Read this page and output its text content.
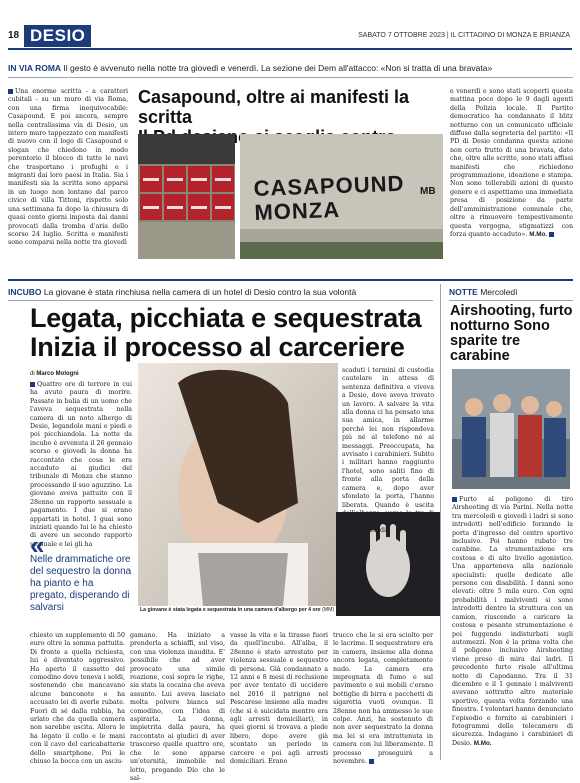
18 DESIO	SABATO 7 OTTOBRE 2023 | IL CITTADINO DI MONZA E BRIANZA
IN VIA ROMA Il gesto è avvenuto nella notte tra giovedì e venerdì. La sezione dei Dem all'attacco: «Non si tratta di una bravata»
Una enorme scritta - a caratteri cubitali - su un muro di via Roma, con una firma inequivocabile: Casapound. E poi ancora, sempre nella centralissima via di Desio, un intero muro tappezzato con manifesti di nuovo con il logo di Casapound e slogan che chiedono in modo perentorio il blocco di tutte le navi che trasportano i profughi e i migranti dai loro paesi in Italia. Sia i manifesti sia la scritta sono apparsi in un luogo non lontano dal parco civico di villa Tittoni, rispetto solo una settimana fa dopo la chiusura di quasi cento giorni imposta dai danni provocati dalla tromba d'aria dello scorso 24 luglio. Scritta e manifesti sono comparsi nella notte tra giovedì
Casapound, oltre ai manifesti la scritta
CASAPOUND MONZA
MB
e venerdì e sono stati scoperti questa mattina poco dopo le 9 dagli agenti della Polizia locale. Il Partito democratico ha condannato il blitz notturno con un comunicato ufficiale diffuso dalla segreteria del partito: «Il PD di Desio condanna questa azione non certo frutto di una bravata, dato che, oltre alle scritte, sono stati affissi manifesti che richiedono programmazione, ideazione e stampa. Non sono tollerabili azioni di questo genere e ci aspettiamo una immediata presa di posizione da parte dell'amministrazione comunale che, oltre a rimuovere tempestivamente questa vergogna, stigmatizzi con forza quanto accaduto». M.Mo.
INCUBO La giovane è stata rinchiusa nella camera di un hotel di Desio contro la sua volontà
Legata, picchiata e sequestrata
Inizia il processo al carceriere
di Marco Mologni
Quattro ore di terrore in cui ha avuto paura di morire. Passate in balia di un uomo che l'aveva sequestrata nella camera di un noto albergo di Desio, legandole mani e piedi e poi picchiandola. La notte da incubo è avvenuta il 26 gennaio scorso e giovedì la donna ha raccontato che cosa le era accaduto ai giudici del tribunale di Monza che stanno processando il suo aguzzino. La giovane aveva pattuito con il 28enne un rapporto sessuale a pagamento. I due si erano appartati in hotel. I guai sono iniziati quando lui le ha chiesto di avere un secondo rapporto sessuale e lei gli ha
«
Nelle drammatiche ore del sequestro la donna ha pianto e ha pregato, disperando di salvarsi	La giovane è stata legata e sequestrata in una camera d'albergo per 4 ore (MM)
scaduti i termini di custodia cautelare in attesa di sentenza definitiva e viveva a Desio, dove aveva trovato un lavoro. A salvare la vita alla donna ci ha pensato una sua amica, in allarme perché lei non rispondeva più né al telefono né ai messaggi. Preoccupata, ha avvisato i carabinieri. Subito i militari hanno raggiunto l'hotel, sono saliti fino di fronte alla porta della camera e, dopo aver sfondato la porta, l'hanno liberata. Quando è uscita dall'albergo, verso le tre di notte, piangeva e aveva il viso sporco di
chiesto un supplemento di 50 euro oltre la somma pattuita. Di fronte a quella richiesta, lui è diventato aggressivo. Ha aperto il cassetto del comodino dove teneva i soldi, sostenendo che mancavano alcune banconote e ha accusato lei di averle rubate. Fuori di sé dalla rabbia, ha urlato che da quella camera non sarebbe uscita. Allora le ha legato il collo e le mani con il cavo del caricabatterie dello smartphone. Poi le chiuso la bocca con un asciu-
gamano. Ha iniziato a prenderla a schiaffi, sul viso, con una violenza inaudita. E' possibile che ad aver provocato una simile reazione, così sopra le righe, sia stata la cocaina che aveva assunto. Lui aveva lasciato molta polvere bianca sul comodino, con l'idea di aspirarla. La donna, impietrita dalla paura, ha raccontato ai giudici di aver trascorso quelle quattro ore, che le sono apparse un'eternità, immobile nel letto, pregando Dio che le sal-
vasse la vita e la tirasse fuori da quell'incubo. All'alba, il 28enne è stato arrestato per violenza sessuale e sequestro di persona. Già condannato a 12 anni e 8 mesi di reclusione per aver tentato di uccidere nel 2016 il patrigno nel Pescarese insieme alla madre (che si è suicidata mentre era agli arresti domiciliari), in quei giorni si trovava a piede libero, dopo avere già scontato un periodo in carcere e poi agli arresti domiciliari. Erano
trucco che le si era sciolto per le lacrime. Il sequestratore era in camera, insieme alla donna ancora legata, completamente nudo. La camera era impregnata di fumo e sul pavimento e sui mobili c'erano bottiglie di birra e pacchetti di sigaretta vuoti ovunque. Il 28enne non ha ammesso le sue colpe. Anzi, ha sostenuto di non aver sequestrato la donna ma lei si era intrattenuta in camera con lui liberamente. Il processo proseguirà a novembre.
NOTTE Mercoledì
Airshooting, furto notturno Sono sparite tre carabine
Furto al poligono di tiro Airshooting di via Parini. Nella notte tra mercoledì e giovedì i ladri si sono introdotti nell'edificio forzando la porta d'ingresso del centro sportivo inclusivo. Poi hanno rubato tre carabine. La strumentazione era costosa e di alto livello agonistico. Una apparteneva alla nazionale specialisti: quelle dedicate alle persone con disabilità. I danni sono elevati: oltre 5 mila euro. Con ogni probabilità i malviventi si sono introdotti dentro la struttura con un camion, riuscendo a caricare la costosa e pesante strumentazione e poi fuggendo indisturbati sugli automezzi. Non è la prima volta che il poligono inclusivo Airshooting viene preso di mira dai ladri. Il precedente furto risale all'ultima notte di Capodanno. Tra il 31 dicembre e il 1 gennaio i malviventi avevano sottratto altro materiale sportivo, questa volta forzando una finestra. I volontari hanno denunciato l'episodio e fornito ai carabinieri i fotogrammi delle telecamere di sicurezza. Indagano i carabinieri di Desio. M.Mo.
